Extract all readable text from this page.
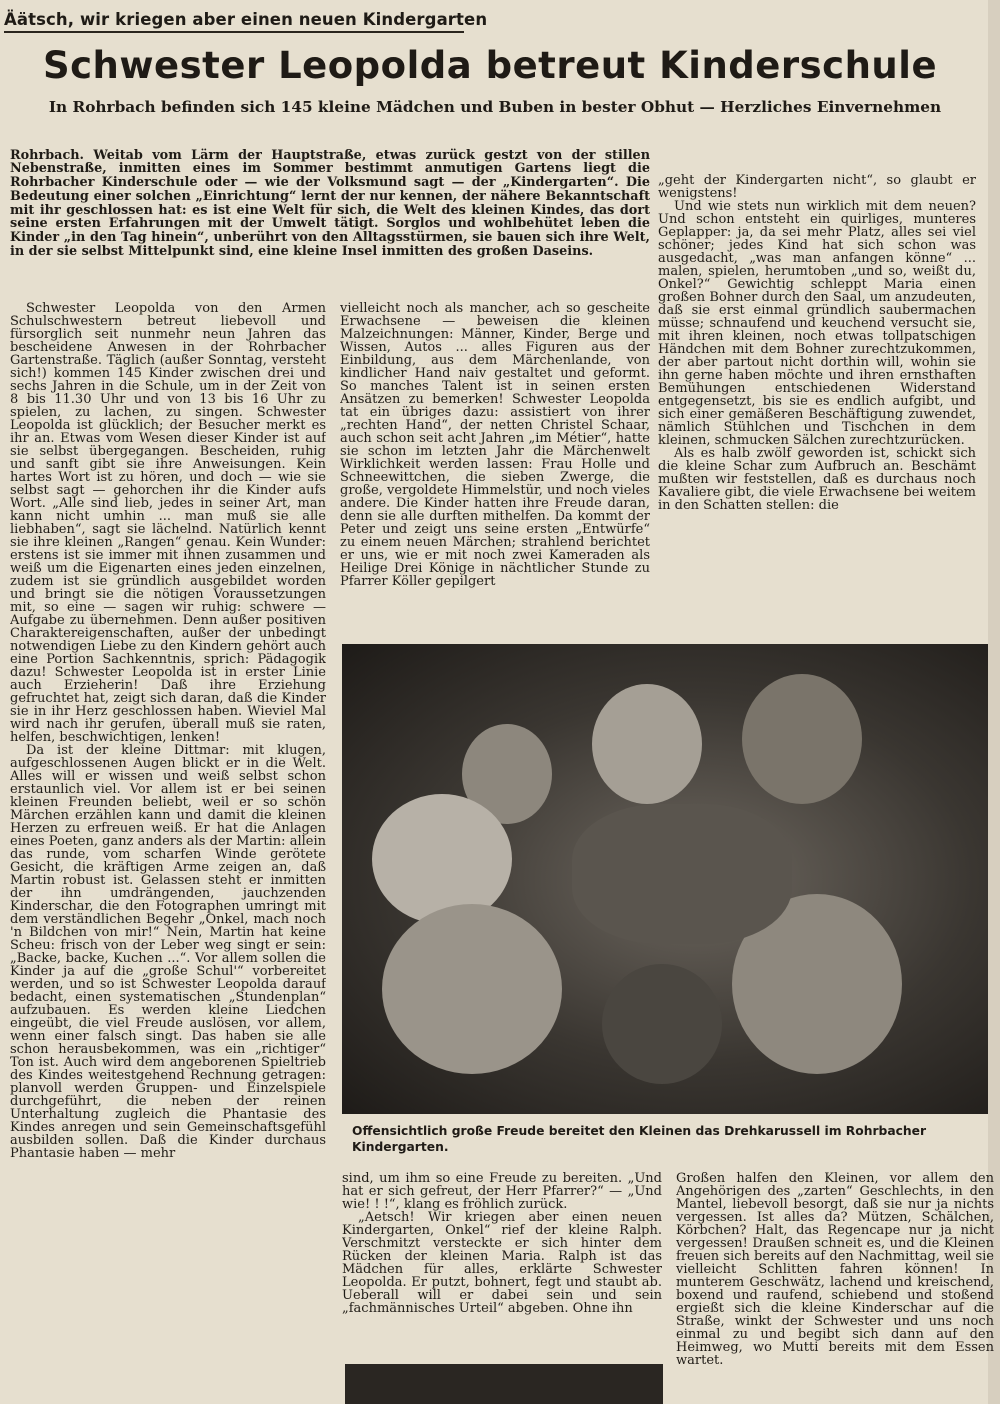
Äätsch, wir kriegen aber einen neuen Kindergarten
Schwester Leopolda betreut Kinderschule
In Rohrbach befinden sich 145 kleine Mädchen und Buben in bester Obhut — Herzliches Einvernehmen

Rohrbach. Weitab vom Lärm der Hauptstraße, etwas zurück gestzt von der stillen Nebenstraße, inmitten eines im Sommer bestimmt anmutigen Gartens liegt die Rohrbacher Kinderschule oder — wie der Volksmund sagt — der „Kindergarten“. Die Bedeutung einer solchen „Einrichtung“ lernt der nur kennen, der nähere Bekanntschaft mit ihr geschlossen hat: es ist eine Welt für sich, die Welt des kleinen Kindes, das dort seine ersten Erfahrungen mit der Umwelt tätigt. Sorglos und wohlbehütet leben die Kinder „in den Tag hinein“, unberührt von den Alltagsstürmen, sie bauen sich ihre Welt, in der sie selbst Mittelpunkt sind, eine kleine Insel inmitten des großen Daseins.

Schwester Leopolda von den Armen Schulschwestern betreut liebevoll und fürsorglich seit nunmehr neun Jahren das bescheidene Anwesen in der Rohrbacher Gartenstraße. Täglich (außer Sonntag, versteht sich!) kommen 145 Kinder zwischen drei und sechs Jahren in die Schule, um in der Zeit von 8 bis 11.30 Uhr und von 13 bis 16 Uhr zu spielen, zu lachen, zu singen. Schwester Leopolda ist glücklich; der Besucher merkt es ihr an. Etwas vom Wesen dieser Kinder ist auf sie selbst übergegangen. Bescheiden, ruhig und sanft gibt sie ihre Anweisungen. Kein hartes Wort ist zu hören, und doch — wie sie selbst sagt — gehorchen ihr die Kinder aufs Wort. „Alle sind lieb, jedes in seiner Art, man kann nicht umhin ... man muß sie alle liebhaben“, sagt sie lächelnd. Natürlich kennt sie ihre kleinen „Rangen“ genau. Kein Wunder: erstens ist sie immer mit ihnen zusammen und weiß um die Eigenarten eines jeden einzelnen, zudem ist sie gründlich ausgebildet worden und bringt sie die nötigen Voraussetzungen mit, so eine — sagen wir ruhig: schwere — Aufgabe zu übernehmen. Denn außer positiven Charaktereigenschaften, außer der unbedingt notwendigen Liebe zu den Kindern gehört auch eine Portion Sachkenntnis, sprich: Pädagogik dazu! Schwester Leopolda ist in erster Linie auch Erzieherin! Daß ihre Erziehung gefruchtet hat, zeigt sich daran, daß die Kinder sie in ihr Herz geschlossen haben. Wieviel Mal wird nach ihr gerufen, überall muß sie raten, helfen, beschwichtigen, lenken!

Da ist der kleine Dittmar: mit klugen, aufgeschlossenen Augen blickt er in die Welt. Alles will er wissen und weiß selbst schon erstaunlich viel. Vor allem ist er bei seinen kleinen Freunden beliebt, weil er so schön Märchen erzählen kann und damit die kleinen Herzen zu erfreuen weiß. Er hat die Anlagen eines Poeten, ganz anders als der Martin: allein das runde, vom scharfen Winde gerötete Gesicht, die kräftigen Arme zeigen an, daß Martin robust ist. Gelassen steht er inmitten der ihn umdrängenden, jauchzenden Kinderschar, die den Fotographen umringt mit dem verständlichen Begehr „Onkel, mach noch 'n Bildchen von mir!“ Nein, Martin hat keine Scheu: frisch von der Leber weg singt er sein: „Backe, backe, Kuchen ...“. Vor allem sollen die Kinder ja auf die „große Schul'“ vorbereitet werden, und so ist Schwester Leopolda darauf bedacht, einen systematischen „Stundenplan“ aufzubauen. Es werden kleine Liedchen eingeübt, die viel Freude auslösen, vor allem, wenn einer falsch singt. Das haben sie alle schon herausbekommen, was ein „richtiger“ Ton ist. Auch wird dem angeborenen Spieltrieb des Kindes weitestgehend Rechnung getragen: planvoll werden Gruppen- und Einzelspiele durchgeführt, die neben der reinen Unterhaltung zugleich die Phantasie des Kindes anregen und sein Gemeinschaftsgefühl ausbilden sollen. Daß die Kinder durchaus Phantasie haben — mehr

vielleicht noch als mancher, ach so gescheite Erwachsene — beweisen die kleinen Malzeichnungen: Männer, Kinder, Berge und Wissen, Autos ... alles Figuren aus der Einbildung, aus dem Märchenlande, von kindlicher Hand naiv gestaltet und geformt. So manches Talent ist in seinen ersten Ansätzen zu bemerken! Schwester Leopolda tat ein übriges dazu: assistiert von ihrer „rechten Hand“, der netten Christel Schaar, auch schon seit acht Jahren „im Métier“, hatte sie schon im letzten Jahr die Märchenwelt Wirklichkeit werden lassen: Frau Holle und Schneewittchen, die sieben Zwerge, die große, vergoldete Himmelstür, und noch vieles andere. Die Kinder hatten ihre Freude daran, denn sie alle durften mithelfen. Da kommt der Peter und zeigt uns seine ersten „Entwürfe“ zu einem neuen Märchen; strahlend berichtet er uns, wie er mit noch zwei Kameraden als Heilige Drei Könige in nächtlicher Stunde zu Pfarrer Köller gepilgert

„geht der Kindergarten nicht“, so glaubt er wenigstens!

Und wie stets nun wirklich mit dem neuen? Und schon entsteht ein quirliges, munteres Geplapper: ja, da sei mehr Platz, alles sei viel schöner; jedes Kind hat sich schon was ausgedacht, „was man anfangen könne“ ... malen, spielen, herumtoben „und so, weißt du, Onkel?“ Gewichtig schleppt Maria einen großen Bohner durch den Saal, um anzudeuten, daß sie erst einmal gründlich saubermachen müsse; schnaufend und keuchend versucht sie, mit ihren kleinen, noch etwas tollpatschigen Händchen mit dem Bohner zurechtzukommen, der aber partout nicht dorthin will, wohin sie ihn gerne haben möchte und ihren ernsthaften Bemühungen entschiedenen Widerstand entgegensetzt, bis sie es endlich aufgibt, und sich einer gemäßeren Beschäftigung zuwendet, nämlich Stühlchen und Tischchen in dem kleinen, schmucken Sälchen zurechtzurücken.

Als es halb zwölf geworden ist, schickt sich die kleine Schar zum Aufbruch an. Beschämt mußten wir feststellen, daß es durchaus noch Kavaliere gibt, die viele Erwachsene bei weitem in den Schatten stellen: die

Offensichtlich große Freude bereitet den Kleinen das Drehkarussell im Rohrbacher Kindergarten.

sind, um ihm so eine Freude zu bereiten. „Und hat er sich gefreut, der Herr Pfarrer?“ — „Und wie! ! !“, klang es fröhlich zurück.

„Aetsch! Wir kriegen aber einen neuen Kindergarten, Onkel“ rief der kleine Ralph. Verschmitzt versteckte er sich hinter dem Rücken der kleinen Maria. Ralph ist das Mädchen für alles, erklärte Schwester Leopolda. Er putzt, bohnert, fegt und staubt ab. Ueberall will er dabei sein und sein „fachmännisches Urteil“ abgeben. Ohne ihn

Großen halfen den Kleinen, vor allem den Angehörigen des „zarten“ Geschlechts, in den Mantel, liebevoll besorgt, daß sie nur ja nichts vergessen. Ist alles da? Mützen, Schälchen, Körbchen? Halt, das Regencape nur ja nicht vergessen! Draußen schneit es, und die Kleinen freuen sich bereits auf den Nachmittag, weil sie vielleicht Schlitten fahren können! In munterem Geschwätz, lachend und kreischend, boxend und raufend, schiebend und stoßend ergießt sich die kleine Kinderschar auf die Straße, winkt der Schwester und uns noch einmal zu und begibt sich dann auf den Heimweg, wo Mutti bereits mit dem Essen wartet.
